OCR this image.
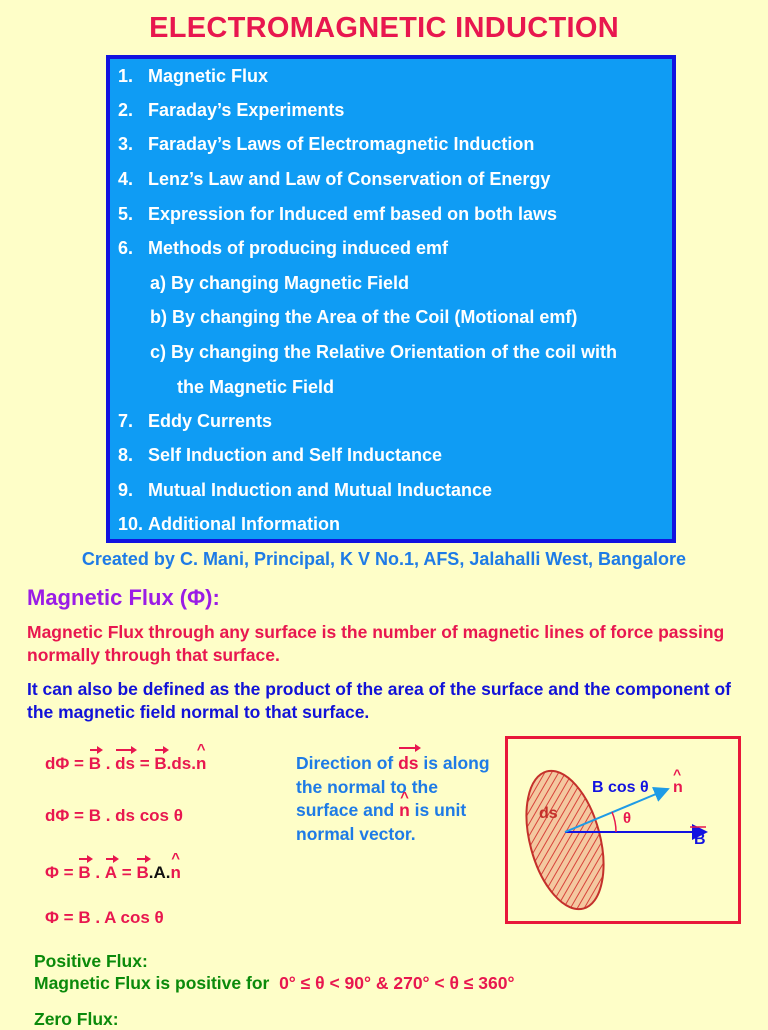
ELECTROMAGNETIC INDUCTION
1. Magnetic Flux
2. Faraday’s Experiments
3. Faraday’s Laws of Electromagnetic Induction
4. Lenz’s Law and Law of Conservation of Energy
5. Expression for Induced emf based on both laws
6. Methods of producing induced emf
a) By changing Magnetic Field
b) By changing the Area of the Coil (Motional emf)
c) By changing the Relative Orientation of the coil with
the Magnetic Field
7. Eddy Currents
8. Self Induction and Self Inductance
9. Mutual Induction and Mutual Inductance
10. Additional Information
Created by C. Mani, Principal, K V No.1, AFS, Jalahalli West, Bangalore
Magnetic Flux (Φ):
Magnetic Flux through any surface is the number of magnetic lines of force passing normally through that surface.
It can also be defined as the product of the area of the surface and the component of the magnetic field normal to that surface.
dΦ = B . ds = B.ds.^ n
dΦ = B . ds cos θ
Φ = B . A = B.A.^ n
Φ = B . A cos θ
Direction of ds is along the normal to the surface and ^ n is unit normal vector.
ds
B cos θ n
^
θ
B
Positive Flux:
Magnetic Flux is positive for 0° ≤ θ < 90° & 270° < θ ≤ 360°
Zero Flux:
